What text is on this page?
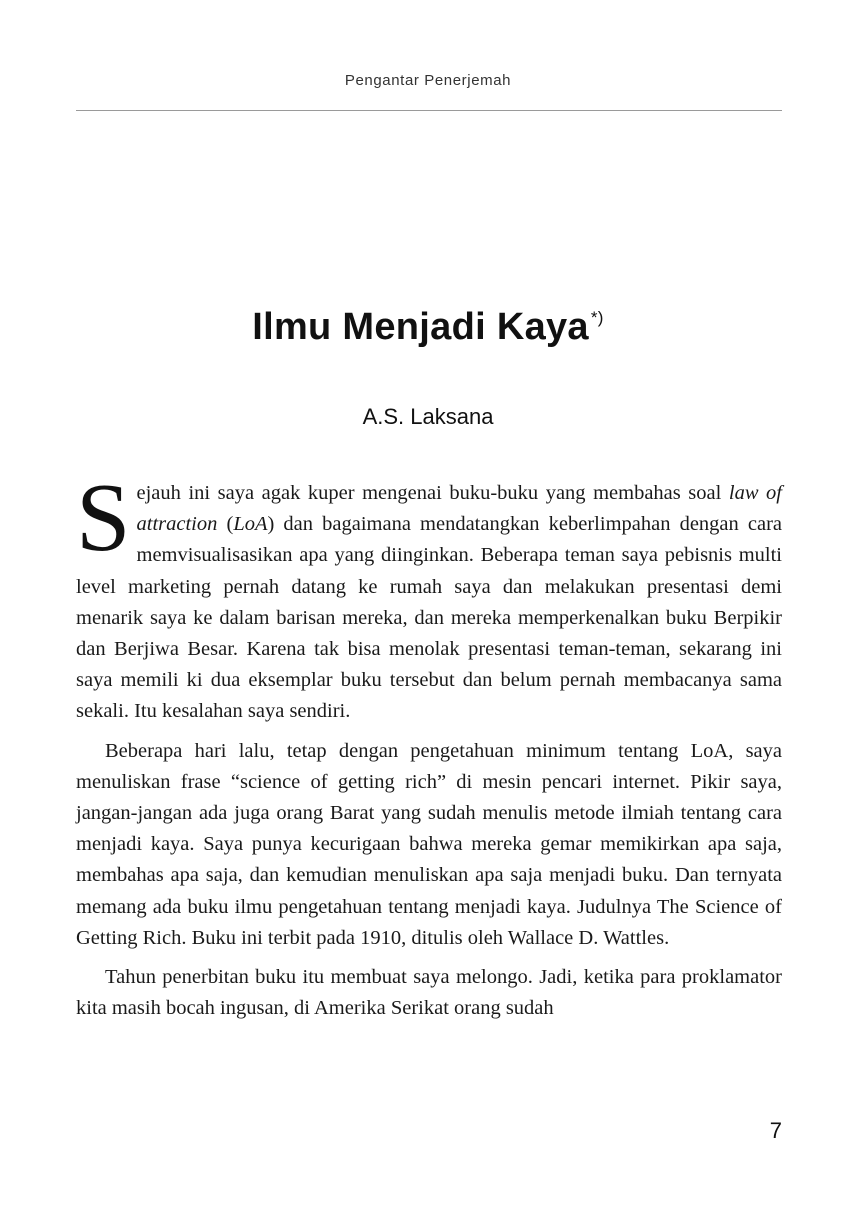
Pengantar Penerjemah
Ilmu Menjadi Kaya *)
A.S. Laksana

Sejauh ini saya agak kuper mengenai buku-buku yang membahas soal law of attraction (LoA) dan bagaimana mendatangkan keberlimpahan dengan cara memvisualisasikan apa yang diinginkan. Beberapa teman saya pebisnis multi level marketing pernah datang ke rumah saya dan melakukan presentasi demi menarik saya ke dalam barisan mereka, dan mereka memperkenalkan buku Berpikir dan Berjiwa Besar. Karena tak bisa menolak presentasi teman-teman, sekarang ini saya memili ki dua eksemplar buku tersebut dan belum pernah membacanya sama sekali. Itu kesalahan saya sendiri.

Beberapa hari lalu, tetap dengan pengetahuan minimum tentang LoA, saya menuliskan frase “science of getting rich” di mesin pencari internet. Pikir saya, jangan-jangan ada juga orang Barat yang sudah menulis metode ilmiah tentang cara menjadi kaya. Saya punya kecurigaan bahwa mereka gemar memikirkan apa saja, membahas apa saja, dan kemudian menuliskan apa saja menjadi buku. Dan ternyata memang ada buku ilmu pengetahuan tentang menjadi kaya. Judulnya The Science of Getting Rich. Buku ini terbit pada 1910, ditulis oleh Wallace D. Wattles.

Tahun penerbitan buku itu membuat saya melongo. Jadi, ketika para proklamator kita masih bocah ingusan, di Amerika Serikat orang sudah

7
